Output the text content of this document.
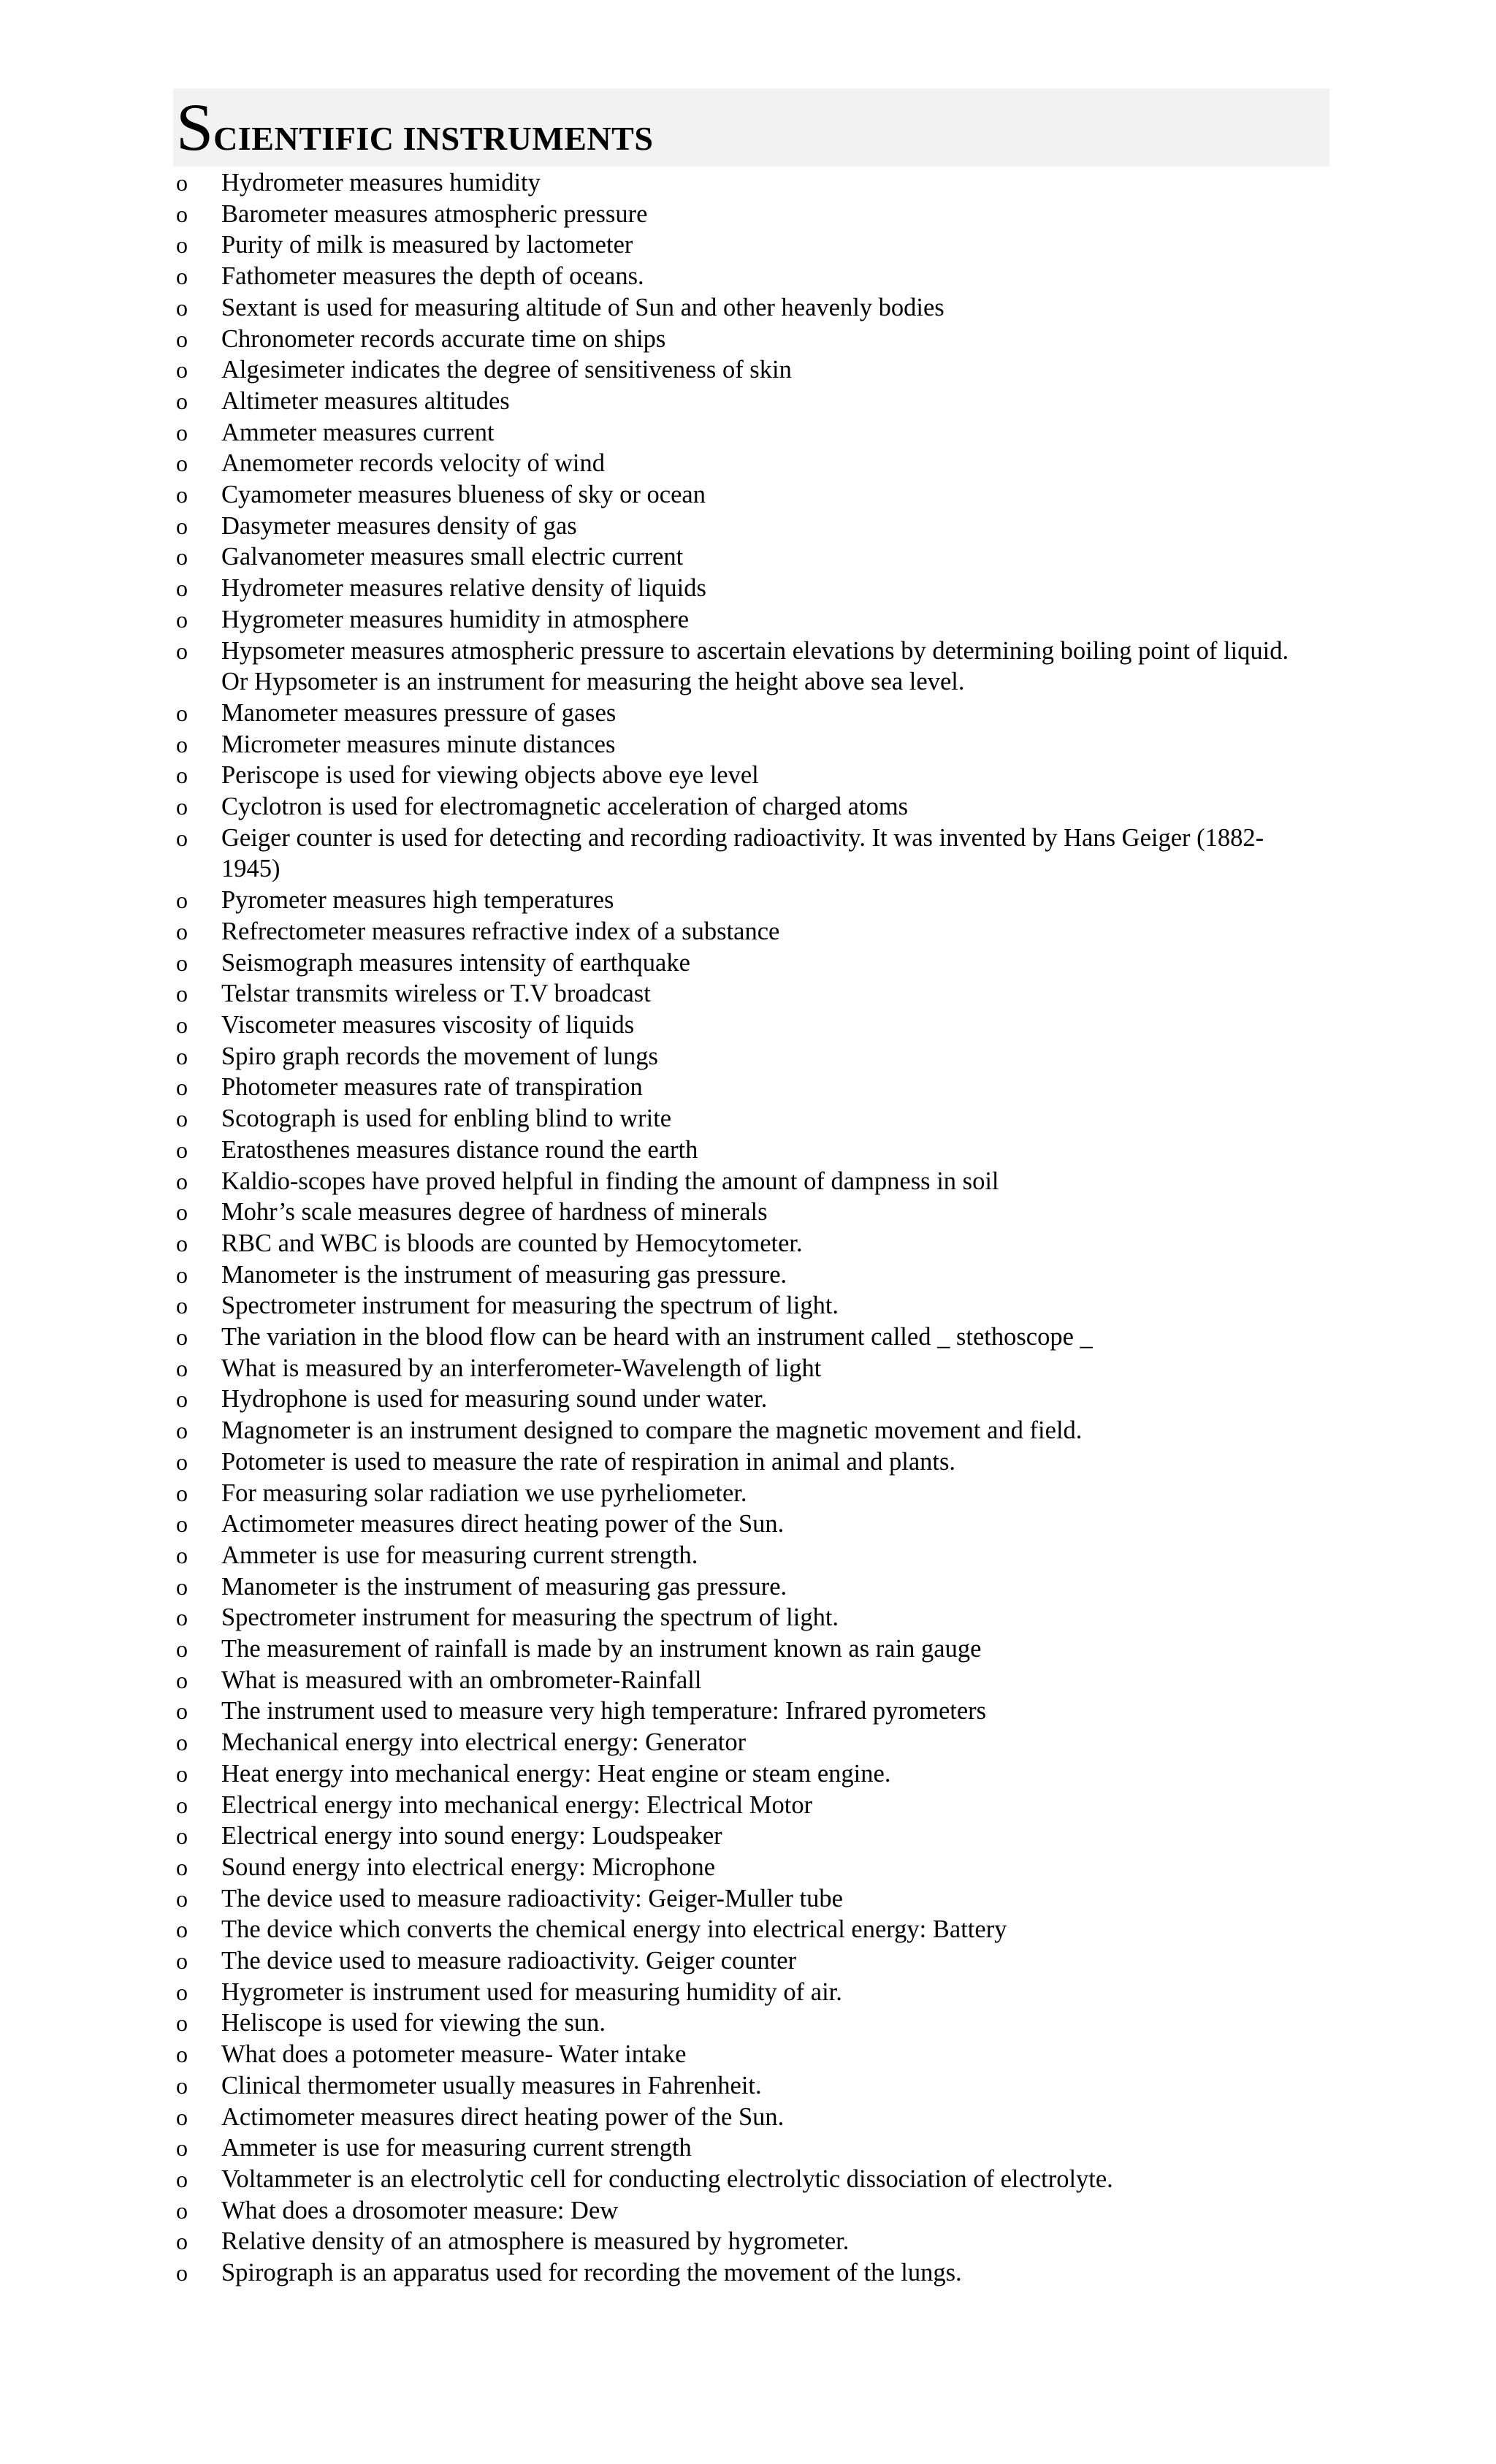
SCIENTIFIC INSTRUMENTS
o	Hydrometer measures humidity
o	Barometer measures atmospheric pressure
o	Purity of milk is measured by lactometer
o	Fathometer measures the depth of oceans.
o	Sextant is used for measuring altitude of Sun and other heavenly bodies
o	Chronometer records accurate time on ships
o	Algesimeter indicates the degree of sensitiveness of skin
o	Altimeter measures altitudes
o	Ammeter measures current
o	Anemometer records velocity of wind
o	Cyamometer measures blueness of sky or ocean
o	Dasymeter measures density of gas
o	Galvanometer measures small electric current
o	Hydrometer measures relative density of liquids
o	Hygrometer measures humidity in atmosphere
o	Hypsometer measures atmospheric pressure to ascertain elevations by determining boiling point of liquid. Or Hypsometer is an instrument for measuring the height above sea level.
o	Manometer measures pressure of gases
o	Micrometer measures minute distances
o	Periscope is used for viewing objects above eye level
o	Cyclotron is used for electromagnetic acceleration of charged atoms
o	Geiger counter is used for detecting and recording radioactivity. It was invented by Hans Geiger (1882-1945)
o	Pyrometer measures high temperatures
o	Refrectometer measures refractive index of a substance
o	Seismograph measures intensity of earthquake
o	Telstar transmits wireless or T.V broadcast
o	Viscometer measures viscosity of liquids
o	Spiro graph records the movement of lungs
o	Photometer measures rate of transpiration
o	Scotograph is used for enbling blind to write
o	Eratosthenes measures distance round the earth
o	Kaldio-scopes have proved helpful in finding the amount of dampness in soil
o	Mohr’s scale measures degree of hardness of minerals
o	RBC and WBC is bloods are counted by Hemocytometer.
o	Manometer is the instrument of measuring gas pressure.
o	Spectrometer instrument for measuring the spectrum of light.
o	The variation in the blood flow can be heard with an instrument called _ stethoscope _
o	What is measured by an interferometer-Wavelength of light
o	Hydrophone is used for measuring sound under water.
o	Magnometer is an instrument designed to compare the magnetic movement and field.
o	Potometer is used to measure the rate of respiration in animal and plants.
o	For measuring solar radiation we use pyrheliometer.
o	Actimometer measures direct heating power of the Sun.
o	Ammeter is use for measuring current strength.
o	Manometer is the instrument of measuring gas pressure.
o	Spectrometer instrument for measuring the spectrum of light.
o	The measurement of rainfall is made by an instrument known as rain gauge
o	What is measured with an ombrometer-Rainfall
o	The instrument used to measure very high temperature: Infrared pyrometers
o	Mechanical energy into electrical energy: Generator
o	Heat energy into mechanical energy: Heat engine or steam engine.
o	Electrical energy into mechanical energy: Electrical Motor
o	Electrical energy into sound energy: Loudspeaker
o	Sound energy into electrical energy: Microphone
o	The device used to measure radioactivity: Geiger-Muller tube
o	The device which converts the chemical energy into electrical energy: Battery
o	The device used to measure radioactivity. Geiger counter
o	Hygrometer is instrument used for measuring humidity of air.
o	Heliscope is used for viewing the sun.
o	What does a potometer measure- Water intake
o	Clinical thermometer usually measures in Fahrenheit.
o	Actimometer measures direct heating power of the Sun.
o	Ammeter is use for measuring current strength
o	Voltammeter is an electrolytic cell for conducting electrolytic dissociation of electrolyte.
o	What does a drosomoter measure: Dew
o	Relative density of an atmosphere is measured by hygrometer.
o	Spirograph is an apparatus used for recording the movement of the lungs.
